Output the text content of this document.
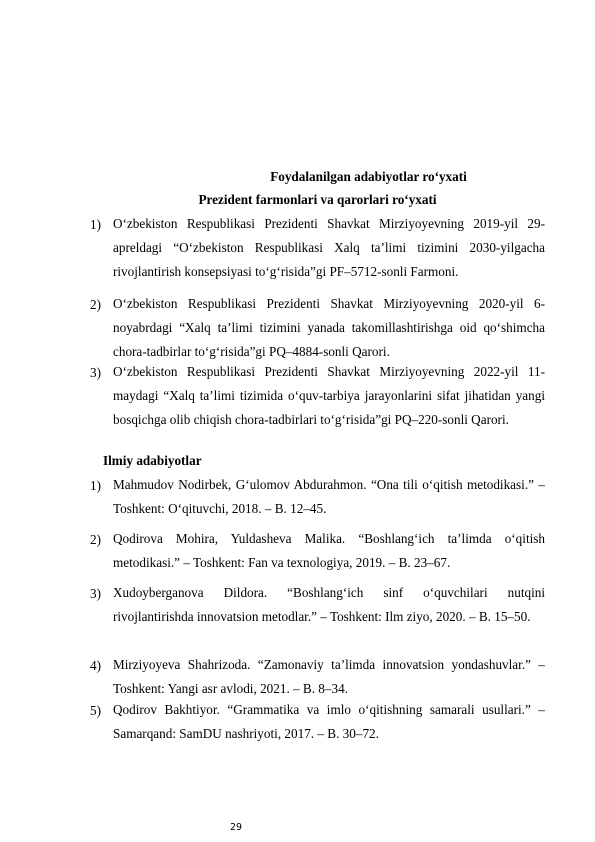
Foydalanilgan adabiyotlar ro‘yxati
Prezident farmonlari va qarorlari ro‘yxati
1) O‘zbekiston Respublikasi Prezidenti Shavkat Mirziyoyevning 2019-yil 29-apreldagi “O‘zbekiston Respublikasi Xalq ta’limi tizimini 2030-yilgacha rivojlantirish konsepsiyasi to‘g‘risida”gi PF–5712-sonli Farmoni.
2) O‘zbekiston Respublikasi Prezidenti Shavkat Mirziyoyevning 2020-yil 6-noyabrdagi “Xalq ta’limi tizimini yanada takomillashtirishga oid qo‘shimcha chora-tadbirlar to‘g‘risida”gi PQ–4884-sonli Qarori.
3) O‘zbekiston Respublikasi Prezidenti Shavkat Mirziyoyevning 2022-yil 11-maydagi “Xalq ta’limi tizimida o‘quv-tarbiya jarayonlarini sifat jihatidan yangi bosqichga olib chiqish chora-tadbirlari to‘g‘risida”gi PQ–220-sonli Qarori.
Ilmiy adabiyotlar
1) Mahmudov Nodirbek, G‘ulomov Abdurahmon. “Ona tili o‘qitish metodikasi.” – Toshkent: O‘qituvchi, 2018. – B. 12–45.
2) Qodirova Mohira, Yuldasheva Malika. “Boshlang‘ich ta’limda o‘qitish metodikasi.” – Toshkent: Fan va texnologiya, 2019. – B. 23–67.
3) Xudoyberganova Dildora. “Boshlang‘ich sinf o‘quvchilari nutqini rivojlantirishda innovatsion metodlar.” – Toshkent: Ilm ziyo, 2020. – B. 15–50.
4) Mirziyoyeva Shahrizoda. “Zamonaviy ta’limda innovatsion yondashuvlar.” – Toshkent: Yangi asr avlodi, 2021. – B. 8–34.
5) Qodirov Bakhtiyor. “Grammatika va imlo o‘qitishning samarali usullari.” – Samarqand: SamDU nashriyoti, 2017. – B. 30–72.
29
